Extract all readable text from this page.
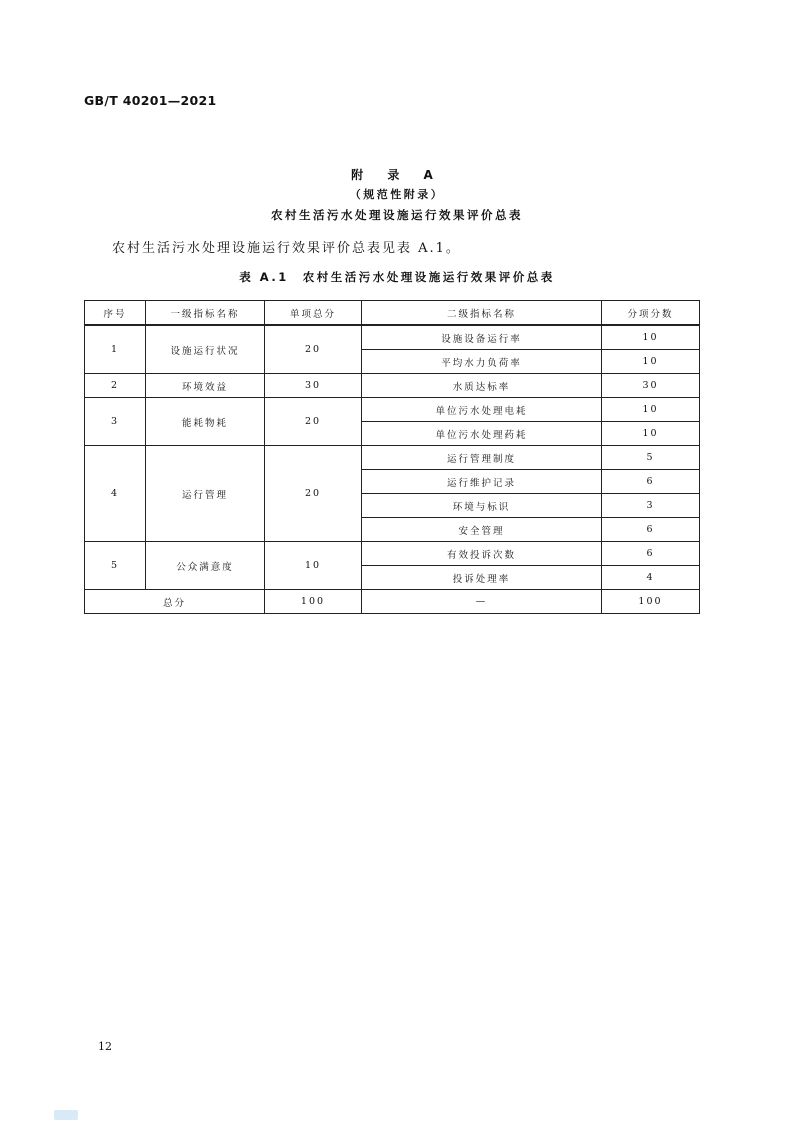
GB/T 40201—2021
附 录 A
（规范性附录）
农村生活污水处理设施运行效果评价总表
农村生活污水处理设施运行效果评价总表见表 A.1。
表 A.1　农村生活污水处理设施运行效果评价总表
序号	一级指标名称	单项总分	二级指标名称	分项分数
1	设施运行状况	20	设施设备运行率	10
			平均水力负荷率	10
2	环境效益	30	水质达标率	30
3	能耗物耗	20	单位污水处理电耗	10
			单位污水处理药耗	10
4	运行管理	20	运行管理制度	5
			运行维护记录	6
			环境与标识	3
			安全管理	6
5	公众满意度	10	有效投诉次数	6
			投诉处理率	4
总分		100	—	100
12
